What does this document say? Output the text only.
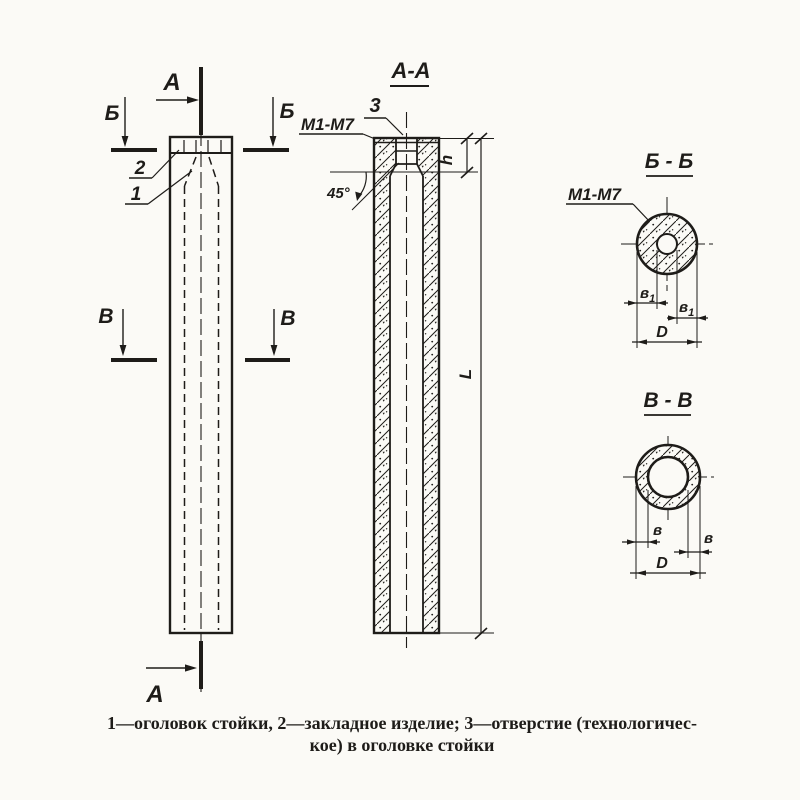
А
А
Б	Б
В	В
2
1
А-А
3
М1-М7
45°
h
L
Б - Б
М1-М7
$в_1$ $в_1$
D
В - В
в	в
D
1—оголовок стойки, 2—закладное изделие; 3—отверстие (технологичес-
кое) в оголовке стойки
